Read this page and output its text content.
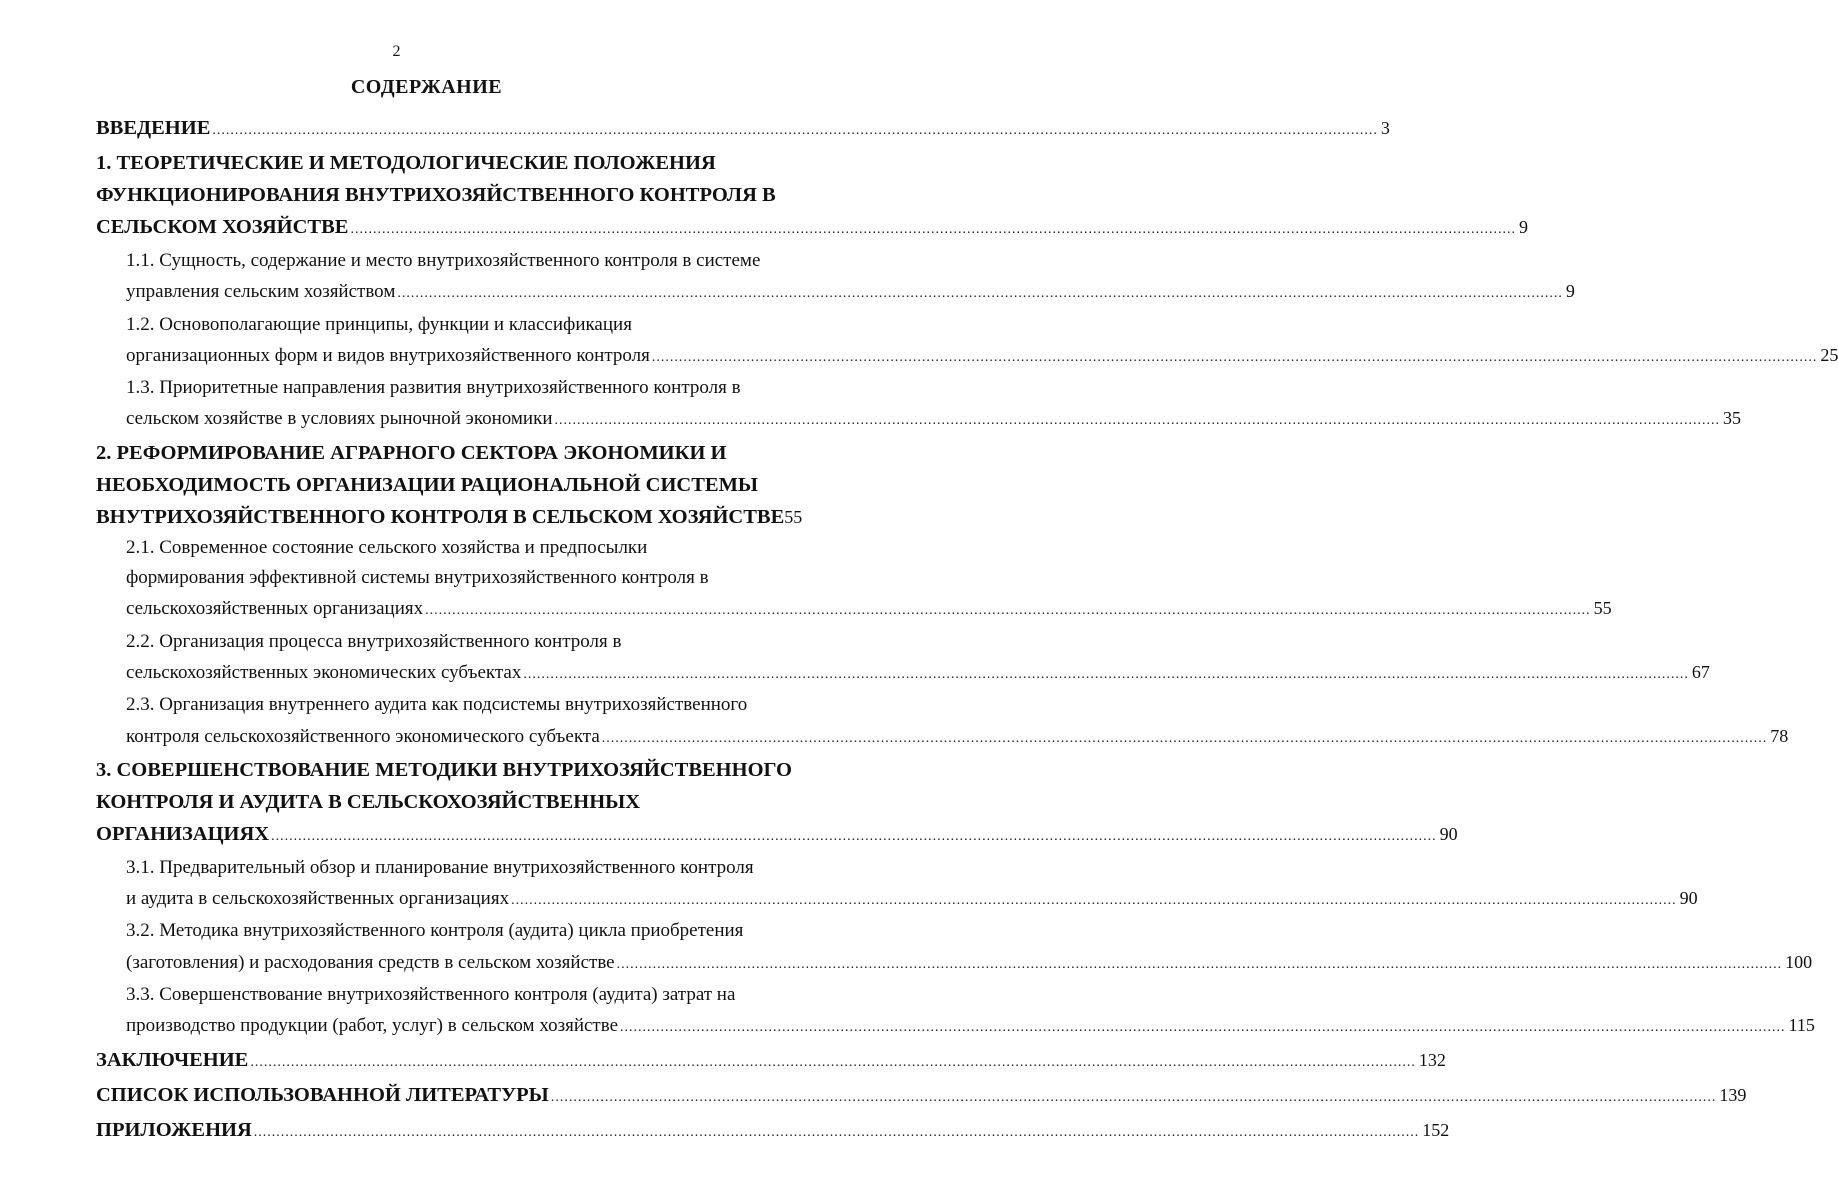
2
СОДЕРЖАНИЕ
ВВЕДЕНИЕ .....	3
1. ТЕОРЕТИЧЕСКИЕ И МЕТОДОЛОГИЧЕСКИЕ ПОЛОЖЕНИЯ
ФУНКЦИОНИРОВАНИЯ ВНУТРИХОЗЯЙСТВЕННОГО КОНТРОЛЯ В
СЕЛЬСКОМ ХОЗЯЙСТВЕ .....	9
1.1. Сущность, содержание и место внутрихозяйственного контроля в системе
управления сельским хозяйством .....	9
1.2. Основополагающие принципы, функции и классификация
организационных форм и видов внутрихозяйственного контроля .....	25
1.3. Приоритетные направления развития внутрихозяйственного контроля в
сельском хозяйстве в условиях рыночной экономики .....	35
2. РЕФОРМИРОВАНИЕ АГРАРНОГО СЕКТОРА ЭКОНОМИКИ И
НЕОБХОДИМОСТЬ ОРГАНИЗАЦИИ РАЦИОНАЛЬНОЙ СИСТЕМЫ
ВНУТРИХОЗЯЙСТВЕННОГО КОНТРОЛЯ В СЕЛЬСКОМ ХОЗЯЙСТВЕ 55
2.1. Современное состояние сельского хозяйства и предпосылки
формирования эффективной системы внутрихозяйственного контроля в
сельскохозяйственных организациях .....	55
2.2. Организация процесса внутрихозяйственного контроля в
сельскохозяйственных экономических субъектах .....	67
2.3. Организация внутреннего аудита как подсистемы внутрихозяйственного
контроля сельскохозяйственного экономического субъекта .....	78
3. СОВЕРШЕНСТВОВАНИЕ МЕТОДИКИ ВНУТРИХОЗЯЙСТВЕННОГО
КОНТРОЛЯ И АУДИТА В СЕЛЬСКОХОЗЯЙСТВЕННЫХ
ОРГАНИЗАЦИЯХ .....	90
3.1. Предварительный обзор и планирование внутрихозяйственного контроля
и аудита в сельскохозяйственных организациях .....	90
3.2. Методика внутрихозяйственного контроля (аудита) цикла приобретения
(заготовления) и расходования средств в сельском хозяйстве .....	100
3.3. Совершенствование внутрихозяйственного контроля (аудита) затрат на
производство продукции (работ, услуг) в сельском хозяйстве .....	115
ЗАКЛЮЧЕНИЕ .....	132
СПИСОК ИСПОЛЬЗОВАННОЙ ЛИТЕРАТУРЫ .....	139
ПРИЛОЖЕНИЯ .....	152
